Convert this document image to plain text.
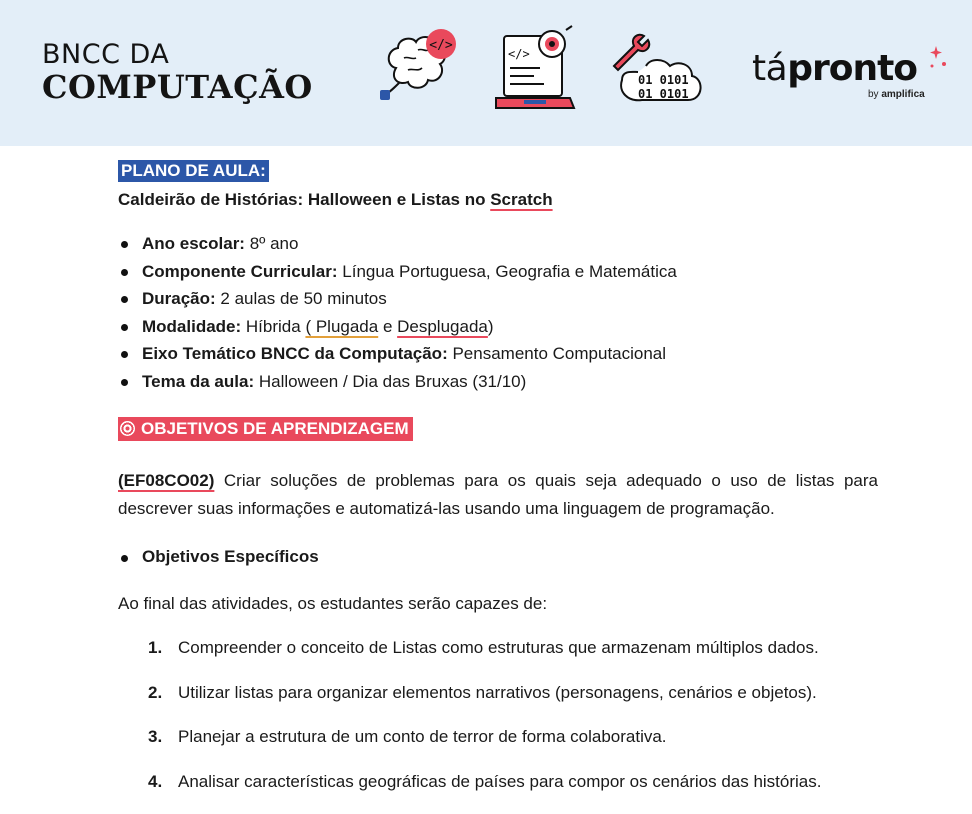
BNCC DA
COMPUTAÇÃO
</>
</>
01 0101
01 0101
tápronto
by amplifica
PLANO DE AULA:
Caldeirão de Histórias: Halloween e Listas no Scratch
Ano escolar: 8º ano
Componente Curricular: Língua Portuguesa, Geografia e Matemática
Duração: 2 aulas de 50 minutos
Modalidade: Híbrida ( Plugada e Desplugada)
Eixo Temático BNCC da Computação: Pensamento Computacional
Tema da aula: Halloween / Dia das Bruxas (31/10)
OBJETIVOS DE APRENDIZAGEM
(EF08CO02) Criar soluções de problemas para os quais seja adequado o uso de listas para descrever suas informações e automatizá-las usando uma linguagem de programação.
Objetivos Específicos
Ao final das atividades, os estudantes serão capazes de:
1. Compreender o conceito de Listas como estruturas que armazenam múltiplos dados.
2. Utilizar listas para organizar elementos narrativos (personagens, cenários e objetos).
3. Planejar a estrutura de um conto de terror de forma colaborativa.
4. Analisar características geográficas de países para compor os cenários das histórias.
